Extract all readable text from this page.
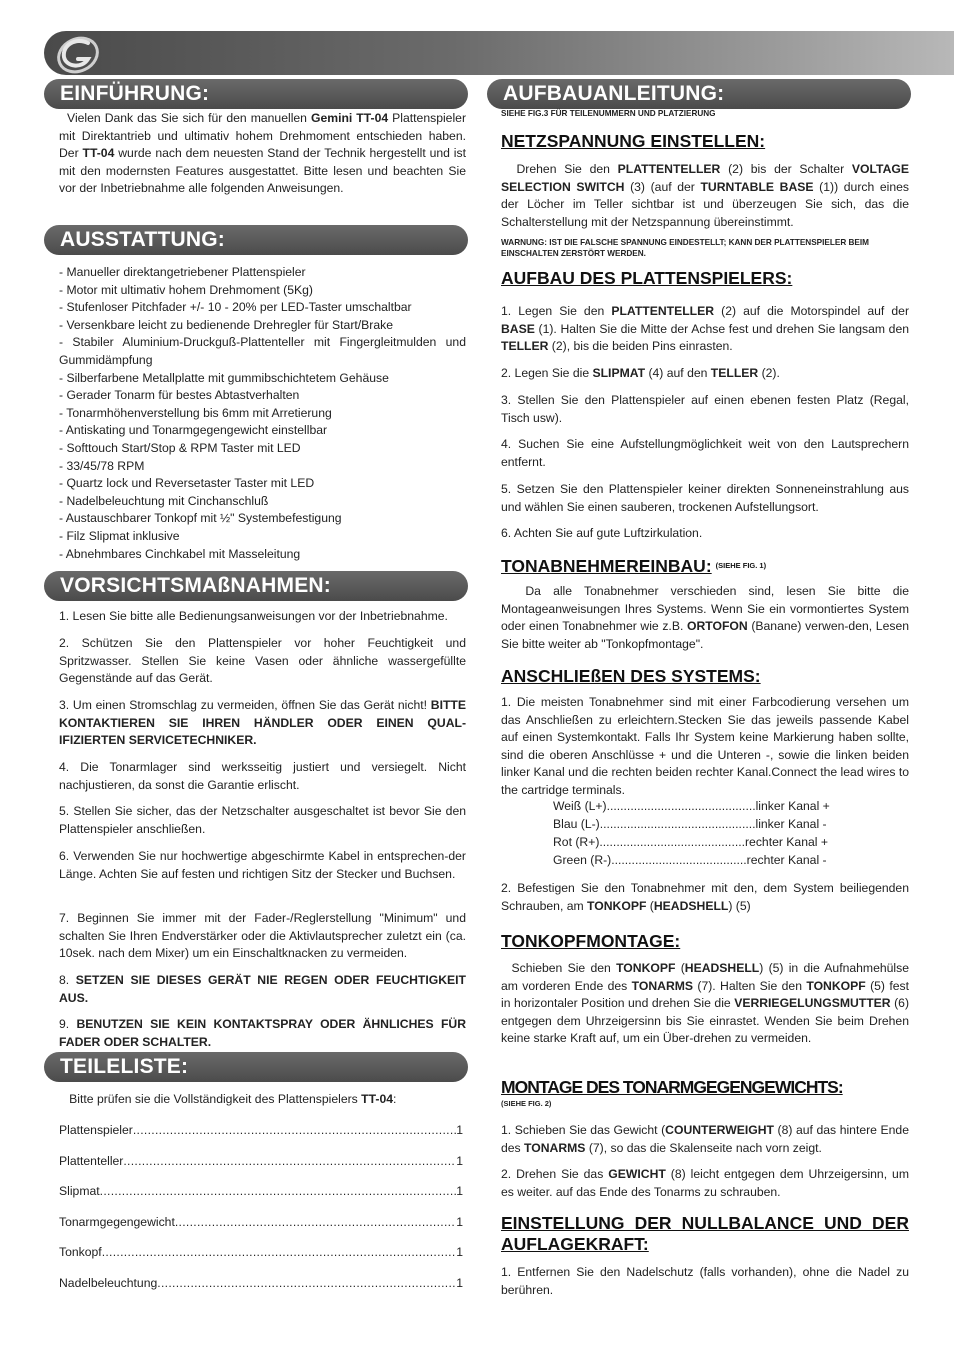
EINFÜHRUNG:

Vielen Dank das Sie sich für den manuellen Gemini TT-04 Plattenspieler mit Direktantrieb und ultimativ hohem Drehmoment entschieden haben. Der TT-04 wurde nach dem neuesten Stand der Technik hergestellt und ist mit den modernsten Features ausgestattet. Bitte lesen und beachten Sie vor der Inbetriebnahme alle folgenden Anweisungen.

AUSSTATTUNG:

- Manueller direktangetriebener Plattenspieler

- Motor mit ultimativ hohem Drehmoment (5Kg)

- Stufenloser Pitchfader +/- 10 - 20% per LED-Taster umschaltbar

- Versenkbare leicht zu bedienende Drehregler für Start/Brake

- Stabiler Aluminium-Druckguß-Plattenteller mit Fingergleitmulden und Gummidämpfung

- Silberfarbene Metallplatte mit gummibschichtetem Gehäuse

- Gerader Tonarm für bestes Abtastverhalten

- Tonarmhöhenverstellung bis 6mm mit Arretierung

- Antiskating und Tonarmgegengewicht einstellbar

- Softtouch Start/Stop & RPM Taster mit LED

- 33/45/78 RPM

- Quartz lock und Reversetaster Taster mit LED

- Nadelbeleuchtung mit Cinchanschluß

- Austauschbarer Tonkopf mit ½" Systembefestigung

- Filz Slipmat inklusive

- Abnehmbares Cinchkabel mit Masseleitung

VORSICHTSMAßNAHMEN:
1. Lesen Sie bitte alle Bedienungsanweisungen vor der Inbetriebnahme.
2. Schützen Sie den Plattenspieler vor hoher Feuchtigkeit und Spritzwasser. Stellen Sie keine Vasen oder ähnliche wassergefüllte Gegenstände auf das Gerät.
3. Um einen Stromschlag zu vermeiden, öffnen Sie das Gerät nicht! BITTE KONTAKTIEREN SIE IHREN HÄNDLER ODER EINEN QUAL-IFIZIERTEN SERVICETECHNIKER.
4. Die Tonarmlager sind werksseitig justiert und versiegelt. Nicht nachjustieren, da sonst die Garantie erlischt.
5. Stellen Sie sicher, das der Netzschalter ausgeschaltet ist bevor Sie den Plattenspieler anschließen.
6. Verwenden Sie nur hochwertige abgeschirmte Kabel in entsprechen-der Länge. Achten Sie auf festen und richtigen Sitz der Stecker und Buchsen.
7. Beginnen Sie immer mit der Fader-/Reglerstellung "Minimum" und schalten Sie Ihren Endverstärker oder die Aktivlautsprecher zuletzt ein (ca. 10sek. nach dem Mixer) um ein Einschaltknacken zu vermeiden.
8. SETZEN SIE DIESES GERÄT NIE REGEN ODER FEUCHTIGKEIT AUS.
9. BENUTZEN SIE KEIN KONTAKTSPRAY ODER ÄHNLICHES FÜR FADER ODER SCHALTER.
TEILELISTE:
Bitte prüfen sie die Vollständigkeit des Plattenspielers TT-04:
Plattenspieler .....	1
Plattenteller .....	1
Slipmat .....	1
Tonarmgegengewicht .....	1
Tonkopf .....	1
Nadelbeleuchtung .....	1
AUFBAUANLEITUNG:
SIEHE FIG.3 FÜR TEILENUMMERN UND PLATZIERUNG
NETZSPANNUNG EINSTELLEN:
Drehen Sie den PLATTENTELLER (2) bis der Schalter VOLTAGE SELECTION SWITCH (3) (auf der TURNTABLE BASE (1)) durch eines der Löcher im Teller sichtbar ist und überzeugen Sie sich, das die Schalterstellung mit der Netzspannung übereinstimmt.
WARNUNG: IST DIE FALSCHE SPANNUNG EINDESTELLT; KANN DER PLATTENSPIELER BEIM EINSCHALTEN ZERSTÖRT WERDEN.
AUFBAU DES PLATTENSPIELERS:
1. Legen Sie den PLATTENTELLER (2) auf die Motorspindel auf der BASE (1). Halten Sie die Mitte der Achse fest und drehen Sie langsam den TELLER (2), bis die beiden Pins einrasten.
2. Legen Sie die SLIPMAT (4) auf den TELLER (2).
3. Stellen Sie den Plattenspieler auf einen ebenen festen Platz (Regal, Tisch usw).
4. Suchen Sie eine Aufstellungmöglichkeit weit von den Lautsprechern entfernt.
5. Setzen Sie den Plattenspieler keiner direkten Sonneneinstrahlung aus und wählen Sie einen sauberen, trockenen Aufstellungsort.
6. Achten Sie auf gute Luftzirkulation.
TONABNEHMEREINBAU: (SIEHE FIG. 1)
Da alle Tonabnehmer verschieden sind, lesen Sie bitte die Montageanweisungen Ihres Systems. Wenn Sie ein vormontiertes System oder einen Tonabnehmer wie z.B. ORTOFON (Banane) verwen-den, Lesen Sie bitte weiter ab "Tonkopfmontage".
ANSCHLIEßEN DES SYSTEMS:
1. Die meisten Tonabnehmer sind mit einer Farbcodierung versehen um das Anschließen zu erleichtern.Stecken Sie das jeweils passende Kabel auf einen Systemkontakt. Falls Ihr System keine Markierung haben sollte, sind die oberen Anschlüsse + und die Unteren -, sowie die linken beiden linker Kanal und die rechten beiden rechter Kanal.Connect the lead wires to the cartridge terminals.

Weiß (L+)............................................linker Kanal +

Blau (L-)..............................................linker Kanal -

Rot (R+)...........................................rechter Kanal +

Green (R-)........................................rechter Kanal -

2. Befestigen Sie den Tonabnehmer mit den, dem System beiliegenden Schrauben, am TONKOPF (HEADSHELL) (5)
TONKOPFMONTAGE:
Schieben Sie den TONKOPF (HEADSHELL) (5) in die Aufnahmehülse am vorderen Ende des TONARMS (7). Halten Sie den TONKOPF (5) fest in horizontaler Position und drehen Sie die VERRIEGELUNGSMUTTER (6) entgegen dem Uhrzeigersinn bis Sie einrastet. Wenden Sie beim Drehen keine starke Kraft auf, um ein Über-drehen zu vermeiden.
MONTAGE DES TONARMGEGENGEWICHTS:
(SIEHE FIG. 2)
1. Schieben Sie das Gewicht (COUNTERWEIGHT (8) auf das hintere Ende des TONARMS (7), so das die Skalenseite nach vorn zeigt.
2. Drehen Sie das GEWICHT (8) leicht entgegen dem Uhrzeigersinn, um es weiter. auf das Ende des Tonarms zu schrauben.
EINSTELLUNG DER NULLBALANCE UND DER AUFLAGEKRAFT:
1. Entfernen Sie den Nadelschutz (falls vorhanden), ohne die Nadel zu berühren.
